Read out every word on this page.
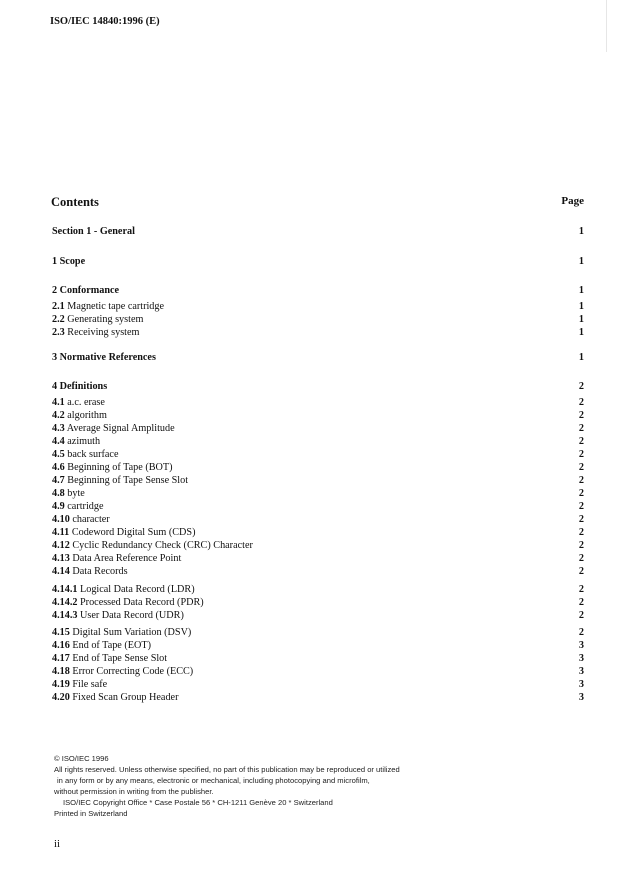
ISO/IEC 14840:1996 (E)
Contents	Page
Section 1 - General	1
1 Scope	1
2 Conformance	1
2.1 Magnetic tape cartridge	1
2.2 Generating system	1
2.3 Receiving system	1
3 Normative References	1
4 Definitions	2
4.1 a.c. erase	2
4.2 algorithm	2
4.3 Average Signal Amplitude	2
4.4 azimuth	2
4.5 back surface	2
4.6 Beginning of Tape (BOT)	2
4.7 Beginning of Tape Sense Slot	2
4.8 byte	2
4.9 cartridge	2
4.10 character	2
4.11 Codeword Digital Sum (CDS)	2
4.12 Cyclic Redundancy Check (CRC) Character	2
4.13 Data Area Reference Point	2
4.14 Data Records	2
4.14.1 Logical Data Record (LDR)	2
4.14.2 Processed Data Record (PDR)	2
4.14.3 User Data Record (UDR)	2
4.15 Digital Sum Variation (DSV)	2
4.16 End of Tape (EOT)	3
4.17 End of Tape Sense Slot	3
4.18 Error Correcting Code (ECC)	3
4.19 File safe	3
4.20 Fixed Scan Group Header	3
© ISO/IEC 1996
All rights reserved. Unless otherwise specified, no part of this publication may be reproduced or utilized
in any form or by any means, electronic or mechanical, including photocopying and microfilm,
without permission in writing from the publisher.
ISO/IEC Copyright Office * Case Postale 56 * CH-1211 Genève 20 * Switzerland
Printed in Switzerland
ii
